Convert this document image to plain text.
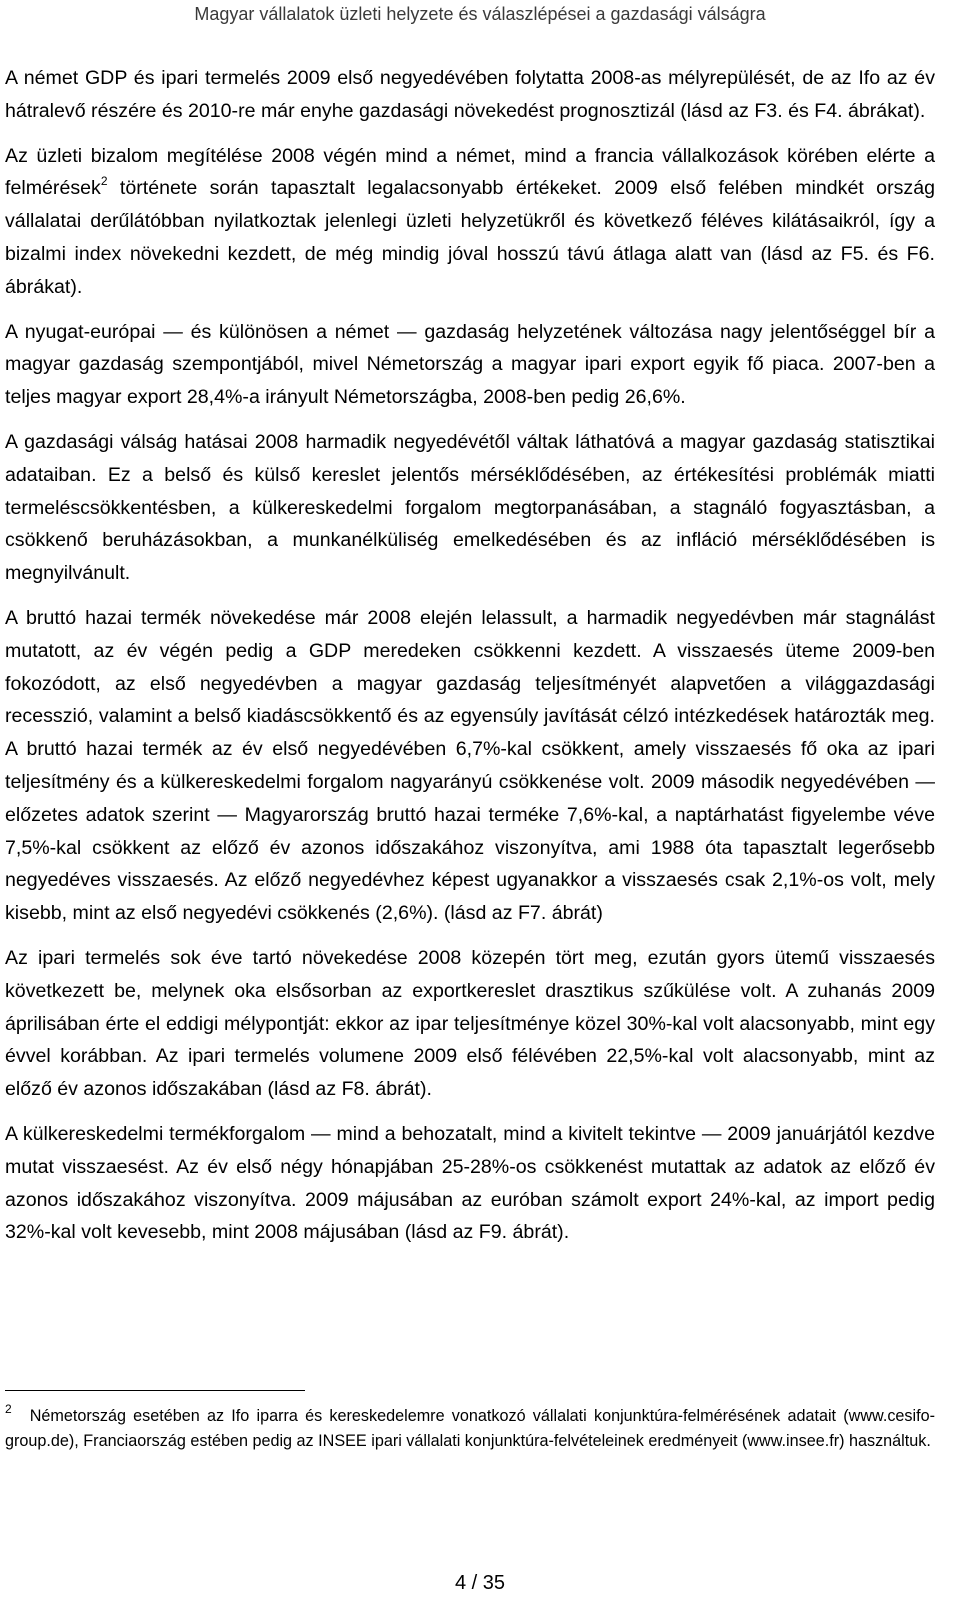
Magyar vállalatok üzleti helyzete és válaszlépései a gazdasági válságra

A német GDP és ipari termelés 2009 első negyedévében folytatta 2008-as mélyrepülését, de az Ifo az év hátralevő részére és 2010-re már enyhe gazdasági növekedést prognosztizál (lásd az F3. és F4. ábrákat).

Az üzleti bizalom megítélése 2008 végén mind a német, mind a francia vállalkozások körében elérte a felmérések$^2$ története során tapasztalt legalacsonyabb értékeket. 2009 első felében mindkét ország vállalatai derűlátóbban nyilatkoztak jelenlegi üzleti helyzetükről és következő féléves kilátásaikról, így a bizalmi index növekedni kezdett, de még mindig jóval hosszú távú átlaga alatt van (lásd az F5. és F6. ábrákat).

A nyugat-európai — és különösen a német — gazdaság helyzetének változása nagy jelentőséggel bír a magyar gazdaság szempontjából, mivel Németország a magyar ipari export egyik fő piaca. 2007-ben a teljes magyar export 28,4%-a irányult Németországba, 2008-ben pedig 26,6%.

A gazdasági válság hatásai 2008 harmadik negyedévétől váltak láthatóvá a magyar gazdaság statisztikai adataiban. Ez a belső és külső kereslet jelentős mérséklődésében, az értékesítési problémák miatti termeléscsökkentésben, a külkereskedelmi forgalom megtorpanásában, a stagnáló fogyasztásban, a csökkenő beruházásokban, a munkanélküliség emelkedésében és az infláció mérséklődésében is megnyilvánult.

A bruttó hazai termék növekedése már 2008 elején lelassult, a harmadik negyedévben már stagnálást mutatott, az év végén pedig a GDP meredeken csökkenni kezdett. A visszaesés üteme 2009-ben fokozódott, az első negyedévben a magyar gazdaság teljesítményét alapvetően a világgazdasági recesszió, valamint a belső kiadáscsökkentő és az egyensúly javítását célzó intézkedések határozták meg. A bruttó hazai termék az év első negyedévében 6,7%-kal csökkent, amely visszaesés fő oka az ipari teljesítmény és a külkereskedelmi forgalom nagyarányú csökkenése volt. 2009 második negyedévében — előzetes adatok szerint — Magyarország bruttó hazai terméke 7,6%-kal, a naptárhatást figyelembe véve 7,5%-kal csökkent az előző év azonos időszakához viszonyítva, ami 1988 óta tapasztalt legerősebb negyedéves visszaesés. Az előző negyedévhez képest ugyanakkor a visszaesés csak 2,1%-os volt, mely kisebb, mint az első negyedévi csökkenés (2,6%). (lásd az F7. ábrát)

Az ipari termelés sok éve tartó növekedése 2008 közepén tört meg, ezután gyors ütemű visszaesés következett be, melynek oka elsősorban az exportkereslet drasztikus szűkülése volt. A zuhanás 2009 áprilisában érte el eddigi mélypontját: ekkor az ipar teljesítménye közel 30%-kal volt alacsonyabb, mint egy évvel korábban. Az ipari termelés volumene 2009 első félévében 22,5%-kal volt alacsonyabb, mint az előző év azonos időszakában (lásd az F8. ábrát).

A külkereskedelmi termékforgalom — mind a behozatalt, mind a kivitelt tekintve — 2009 januárjától kezdve mutat visszaesést. Az év első négy hónapjában 25-28%-os csökkenést mutattak az adatok az előző év azonos időszakához viszonyítva. 2009 májusában az euróban számolt export 24%-kal, az import pedig 32%-kal volt kevesebb, mint 2008 májusában (lásd az F9. ábrát).

$^2$ Németország esetében az Ifo iparra és kereskedelemre vonatkozó vállalati konjunktúra-felmérésének adatait (www.cesifo-group.de), Franciaország estében pedig az INSEE ipari vállalati konjunktúra-felvételeinek eredményeit (www.insee.fr) használtuk.
4 / 35
